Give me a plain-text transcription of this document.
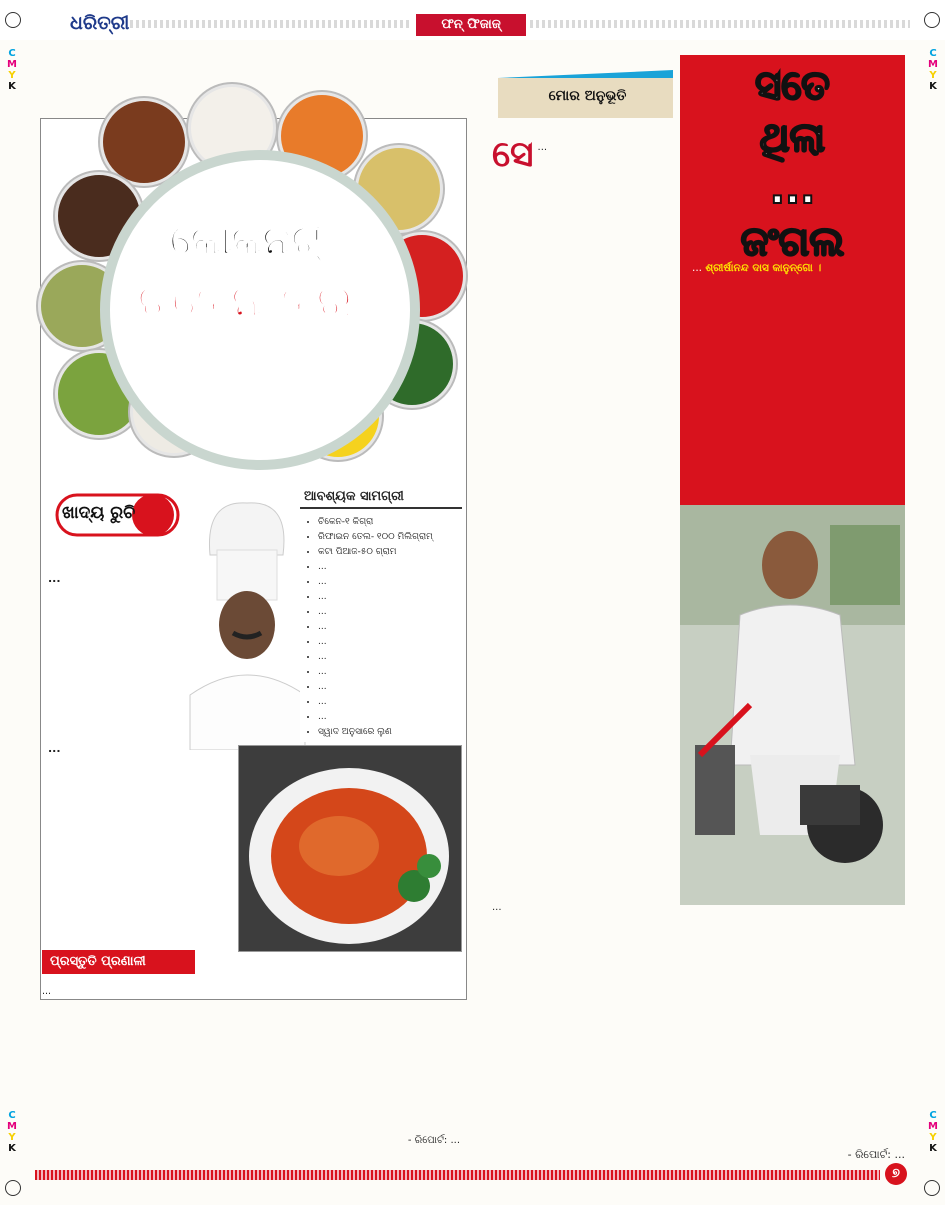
ଧରିତ୍ରୀ	ଫନ୍ ଫିଜାଜ୍
C
M
Y
K
C
M
Y
K
C
M
Y
K
C
M
Y
K
କୋକନଟ୍
ଚିକେନ କରି
ଖାଦ୍ୟ ରୁଚି
ଆବଶ୍ୟକ ସାମଗ୍ରୀ
• ଚିକେନ-୧ କିଗ୍ରା
• ରିଫାଇନ ତେଲ- ୧୦୦ ମିଲିଗ୍ରାମ୍
• କଟା ପିଆଜ-୫୦ ଗ୍ରାମ
• ...
• ...
• ...
• ...
• ...
• ...
• ...
• ...
• ...
• ...
• ...
• ସ୍ୱାଦ ଅନୁସାରେ ଲୁଣ
...
...
ପ୍ରସ୍ତୁତି ପ୍ରଣାଳୀ
...
- ରିପୋର୍ଟ: ...
ମୋର ଅନୁଭୂତି
ସେ ...
...
- ରିପୋର୍ଟ: ...
ସତେ
ଥିଲା
...
ଜଂଗଲ
... ଶ୍ରୀର୍ଷାନନ୍ଦ ଦାସ କାନୁନ୍ଗୋ ।
୭
